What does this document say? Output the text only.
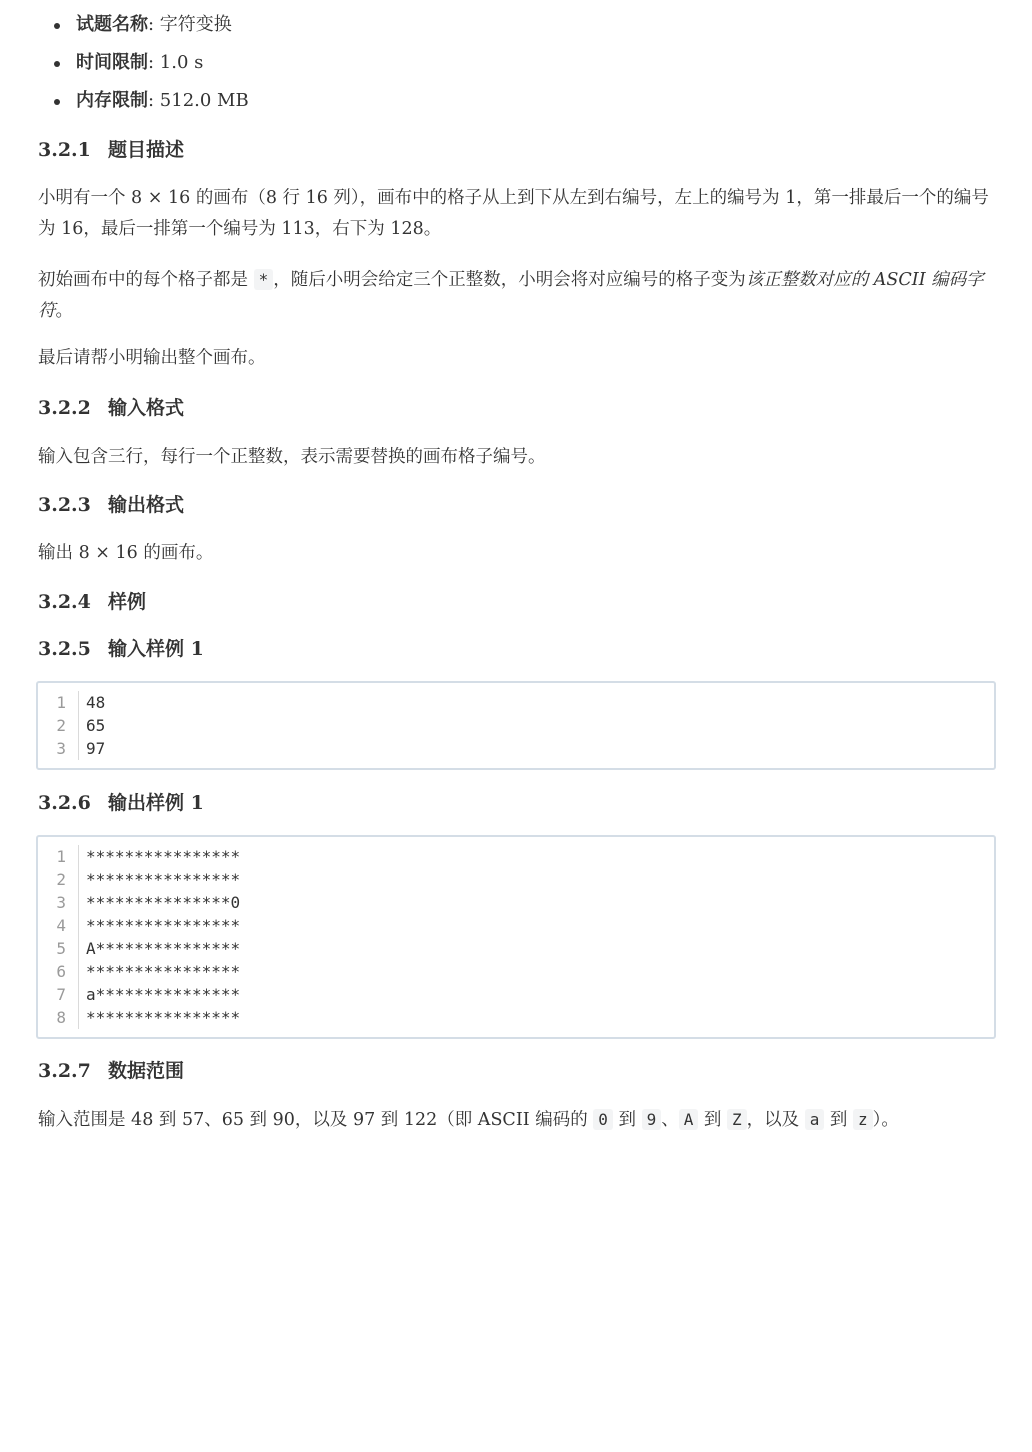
试题名称: 字符变换
时间限制: 1.0 s
内存限制: 512.0 MB
3.2.1 题目描述
小明有一个 8 × 16 的画布（8 行 16 列），画布中的格子从上到下从左到右编号，左上的编号为 1，第一排最后一个的编号为 16，最后一排第一个编号为 113，右下为 128。
初始画布中的每个格子都是 * ，随后小明会给定三个正整数，小明会将对应编号的格子变为该正整数对应的 ASCII 编码字符。
最后请帮小明输出整个画布。
3.2.2 输入格式
输入包含三行，每行一个正整数，表示需要替换的画布格子编号。
3.2.3 输出格式
输出 8 × 16 的画布。
3.2.4 样例
3.2.5 输入样例 1
1	48
2	65
3	97
3.2.6 输出样例 1
1	****************
2	****************
3	***************0
4	****************
5	A***************
6	****************
7	a***************
8	****************
3.2.7 数据范围
输入范围是 48 到 57、65 到 90，以及 97 到 122（即 ASCII 编码的 0 到 9 、 A 到 Z ，以及 a 到 z ）。
